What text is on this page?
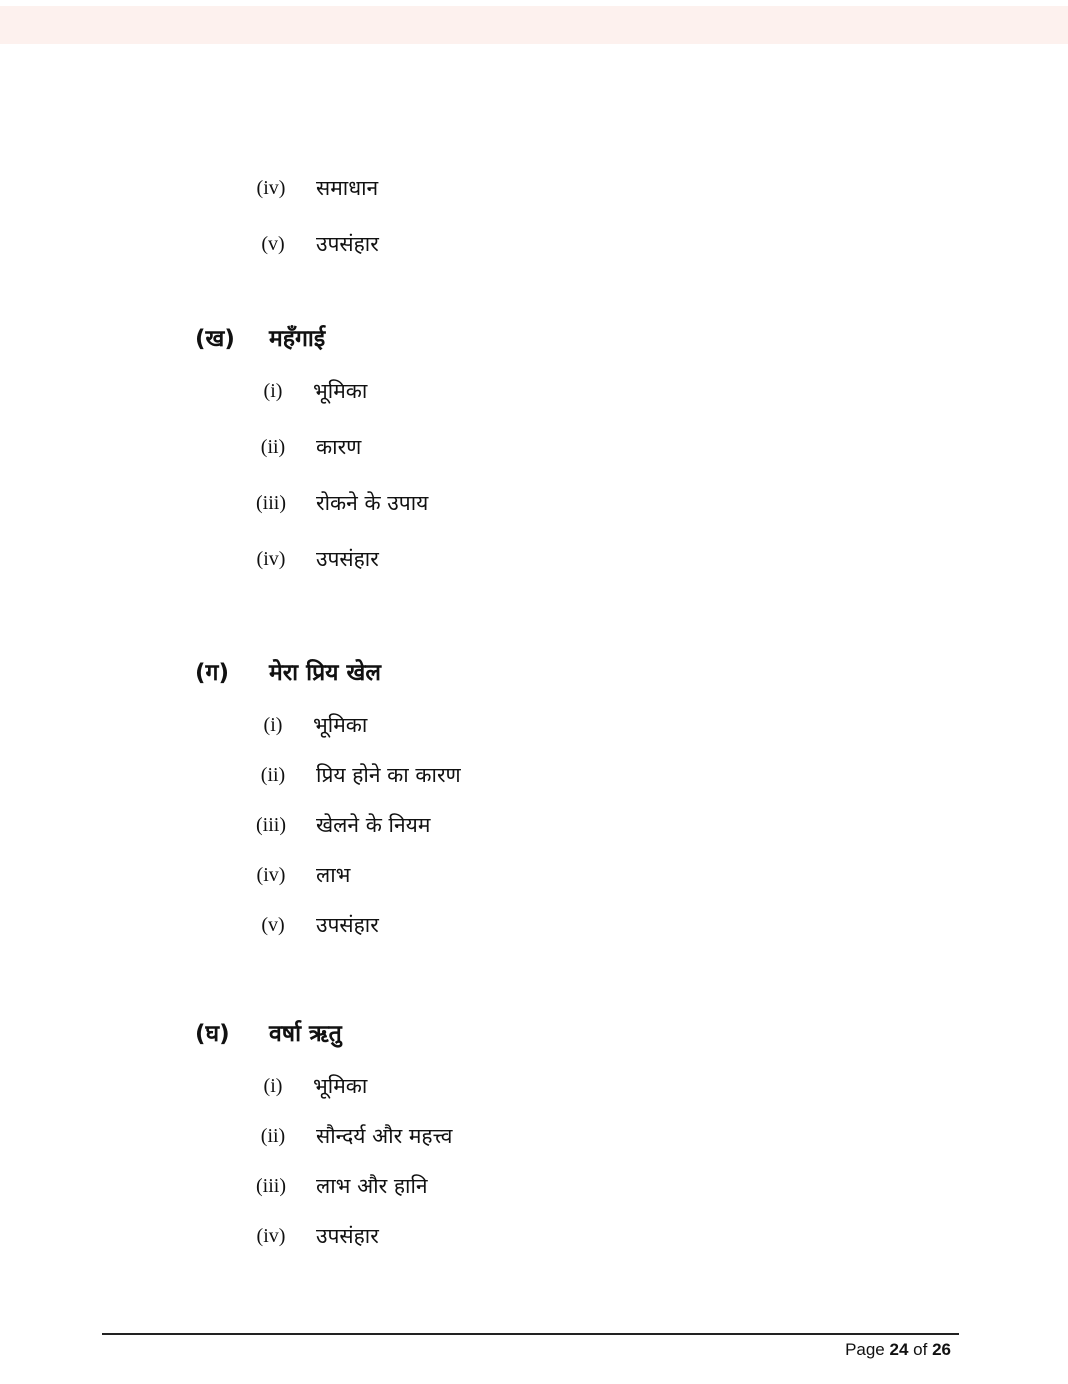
(iv)	समाधान
(v)	उपसंहार
(ख) महँगाई
(i)	भूमिका
(ii)	कारण
(iii)	रोकने के उपाय
(iv)	उपसंहार
(ग) मेरा प्रिय खेल
(i)	भूमिका
(ii)	प्रिय होने का कारण
(iii)	खेलने के नियम
(iv)	लाभ
(v)	उपसंहार
(घ) वर्षा ऋतु
(i)	भूमिका
(ii)	सौन्दर्य और महत्त्व
(iii)	लाभ और हानि
(iv)	उपसंहार
Page 24 of 26
